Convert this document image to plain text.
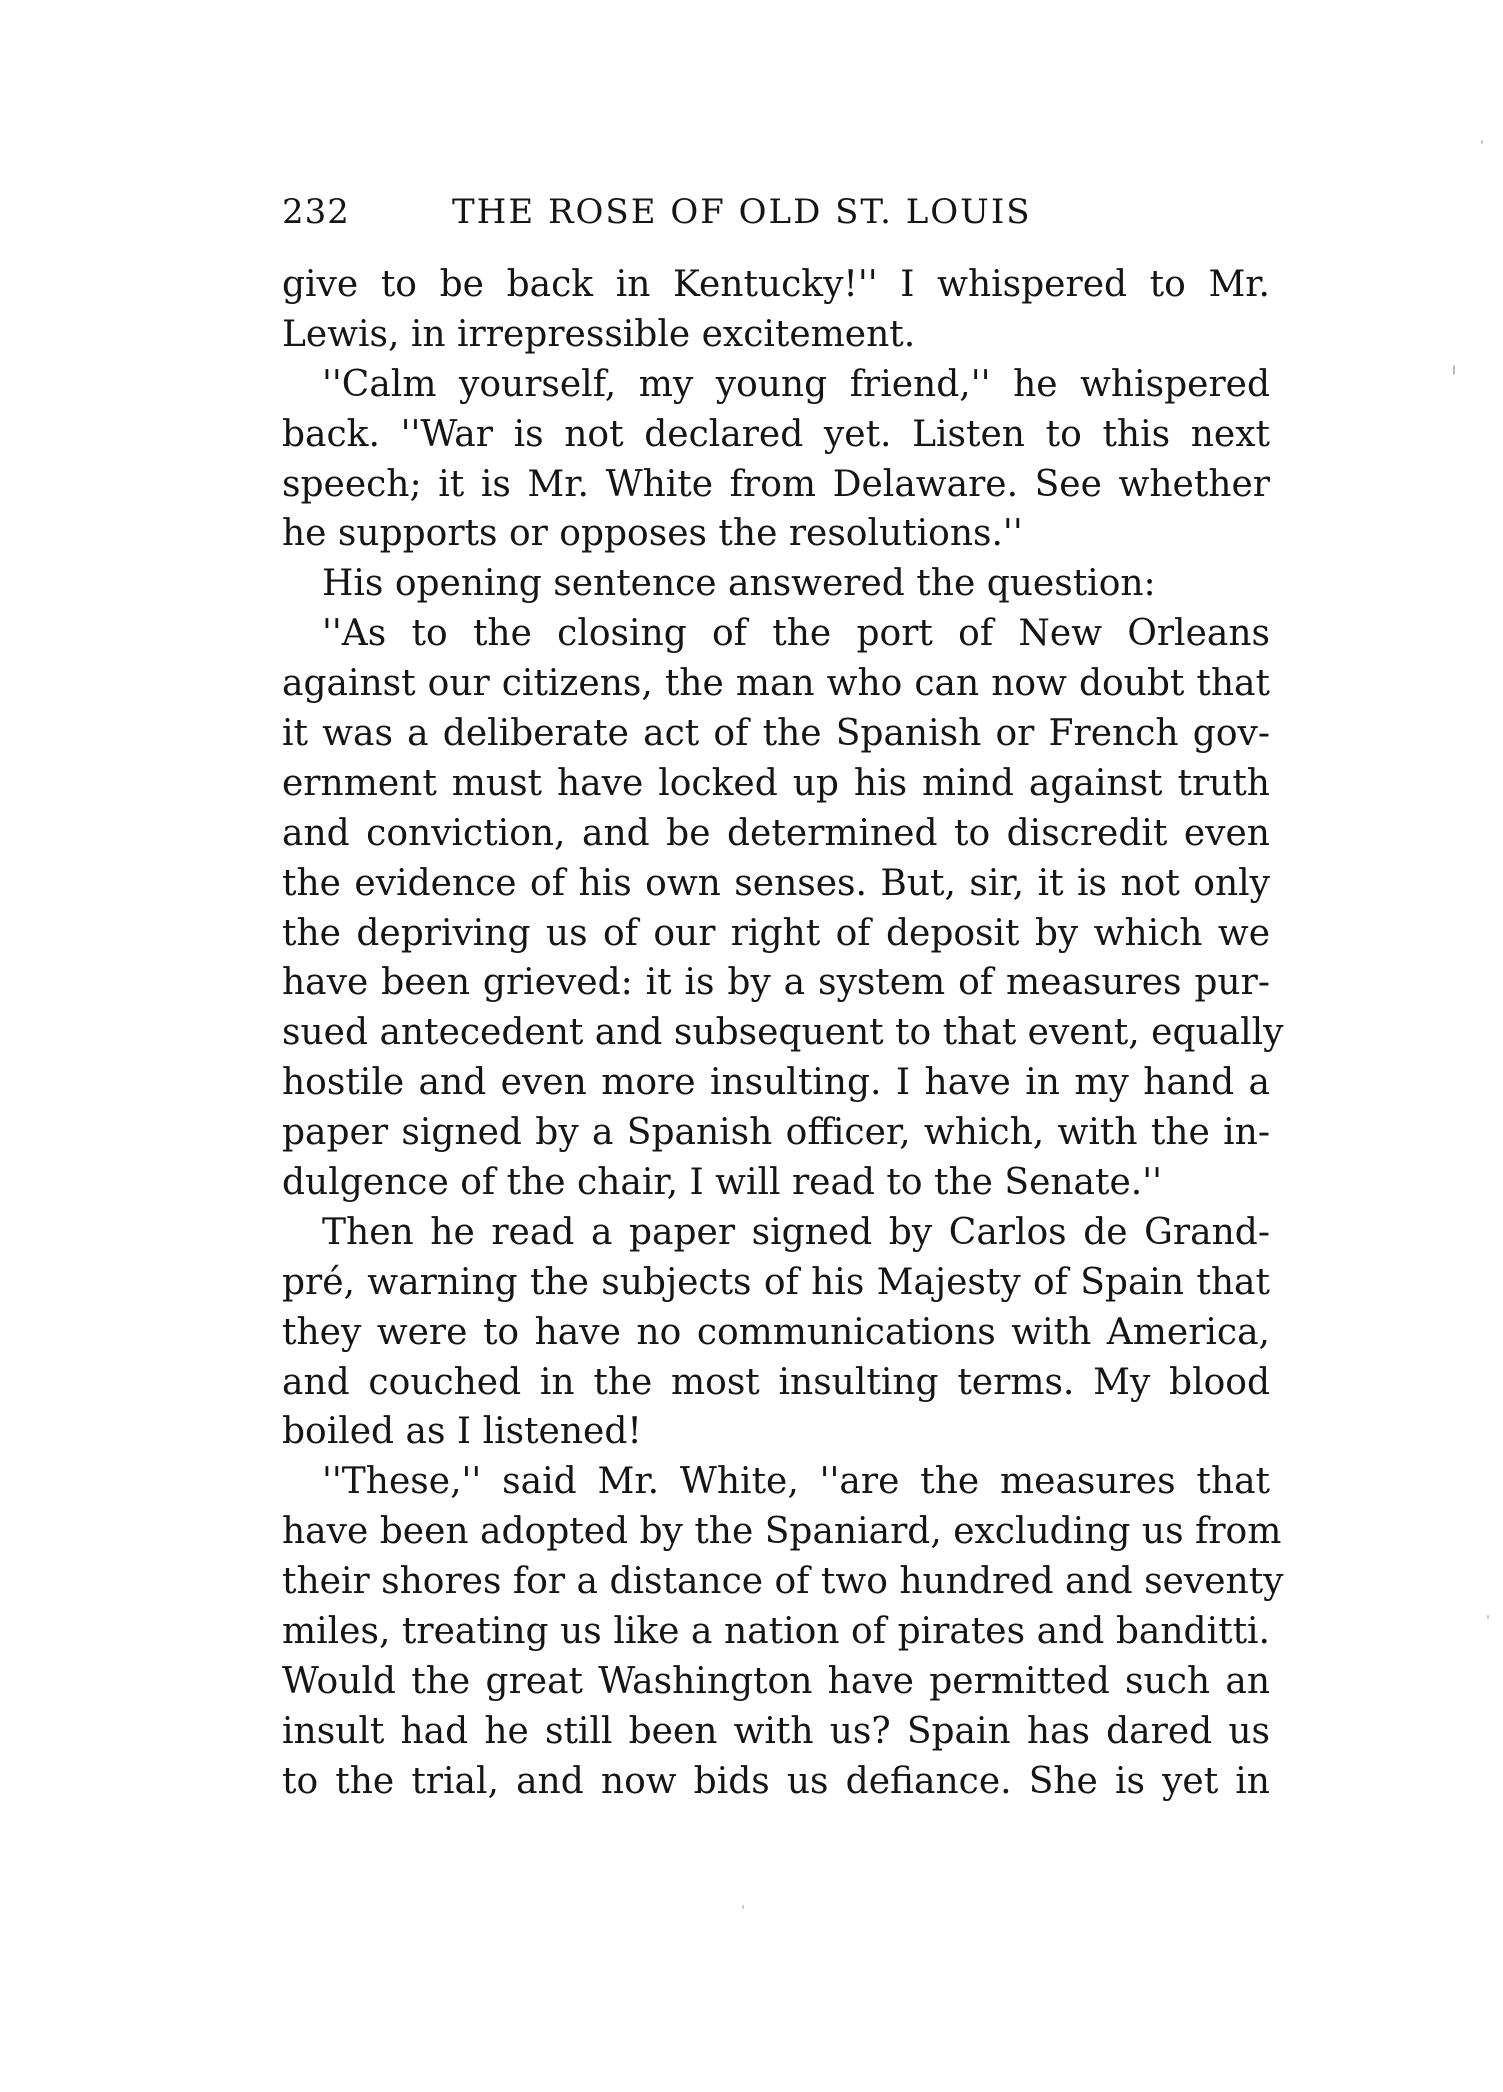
232	THE ROSE OF OLD ST. LOUIS
give to be back in Kentucky!'' I whispered to Mr.
Lewis, in irrepressible excitement.
''Calm yourself, my young friend,'' he whispered
back. ''War is not declared yet. Listen to this next
speech; it is Mr. White from Delaware. See whether
he supports or opposes the resolutions.''
His opening sentence answered the question:
''As to the closing of the port of New Orleans
against our citizens, the man who can now doubt that
it was a deliberate act of the Spanish or French gov-
ernment must have locked up his mind against truth
and conviction, and be determined to discredit even
the evidence of his own senses. But, sir, it is not only
the depriving us of our right of deposit by which we
have been grieved: it is by a system of measures pur-
sued antecedent and subsequent to that event, equally
hostile and even more insulting. I have in my hand a
paper signed by a Spanish officer, which, with the in-
dulgence of the chair, I will read to the Senate.''
Then he read a paper signed by Carlos de Grand-
pré, warning the subjects of his Majesty of Spain that
they were to have no communications with America,
and couched in the most insulting terms. My blood
boiled as I listened!
''These,'' said Mr. White, ''are the measures that
have been adopted by the Spaniard, excluding us from
their shores for a distance of two hundred and seventy
miles, treating us like a nation of pirates and banditti.
Would the great Washington have permitted such an
insult had he still been with us? Spain has dared us
to the trial, and now bids us defiance. She is yet in
